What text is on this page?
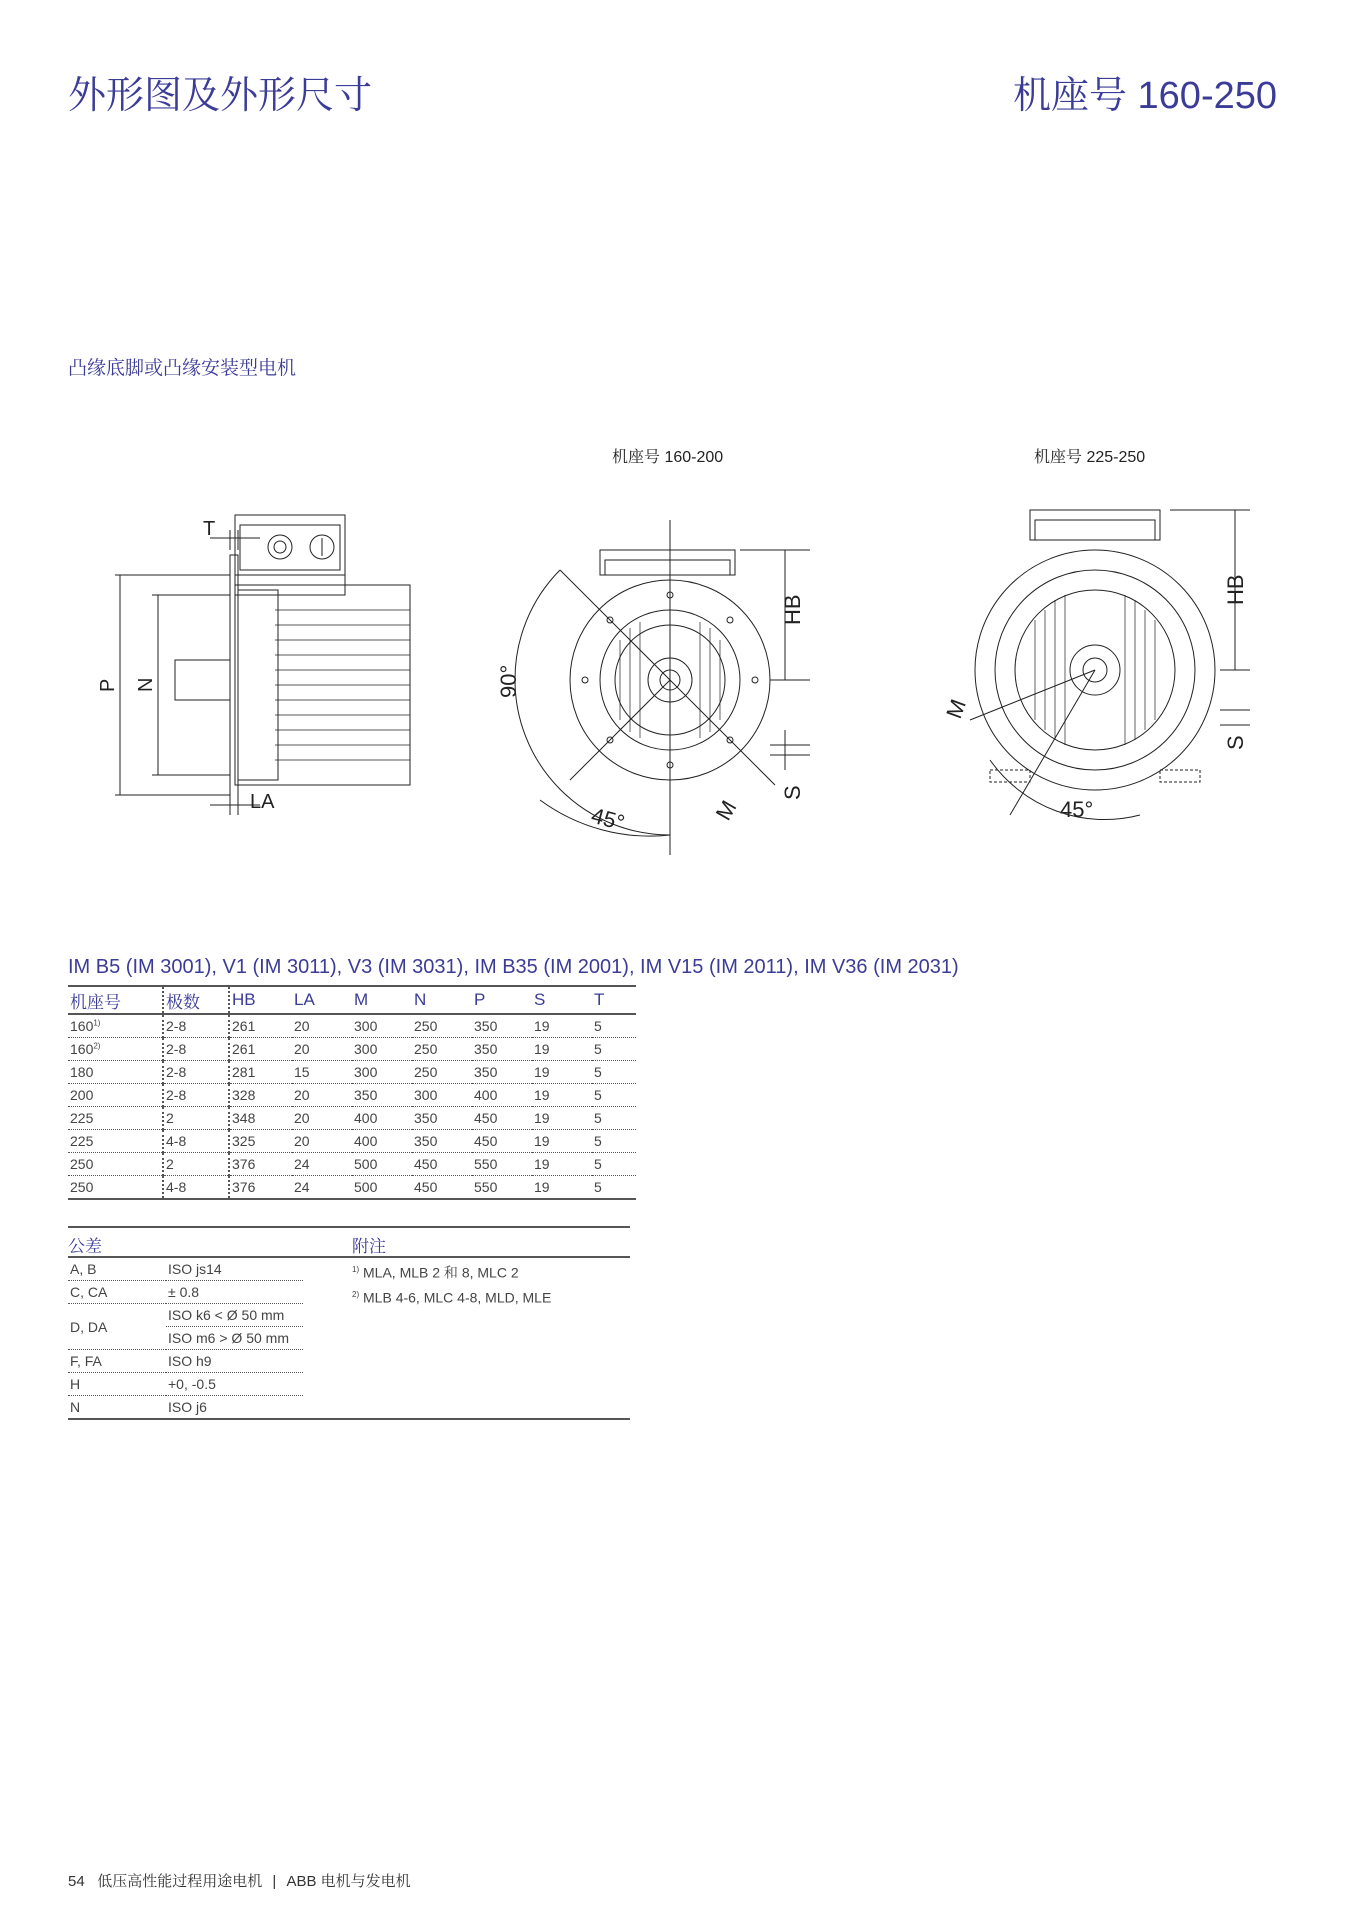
外形图及外形尺寸	机座号 160-250
凸缘底脚或凸缘安装型电机
机座号 160-200	机座号 225-250
P N
T
LA
90°
HB
S
M
45°
HB
S
M
45°
IM B5 (IM 3001), V1 (IM 3011), V3 (IM 3031), IM B35 (IM 2001), IM V15 (IM 2011), IM V36 (IM 2031)
机座号	极数	HB	LA	M	N	P	S	T
160$^{1)}$	2-8	261	20	300	250	350	19	5
160$^{2)}$	2-8	261	20	300	250	350	19	5
180	2-8	281	15	300	250	350	19	5
200	2-8	328	20	350	300	400	19	5
225	2	348	20	400	350	450	19	5
225	4-8	325	20	400	350	450	19	5
250	2	376	24	500	450	550	19	5
250	4-8	376	24	500	450	550	19	5
公差	附注
A, B	ISO js14
C, CA	± 0.8
D, DA	ISO k6 < Ø 50 mm
	ISO m6 > Ø 50 mm
F, FA	ISO h9
H	+0, -0.5
N	ISO j6
$^{1)}$ MLA, MLB 2 和 8, MLC 2
$^{2)}$ MLB 4-6, MLC 4-8, MLD, MLE
54 低压高性能过程用途电机 | ABB 电机与发电机
